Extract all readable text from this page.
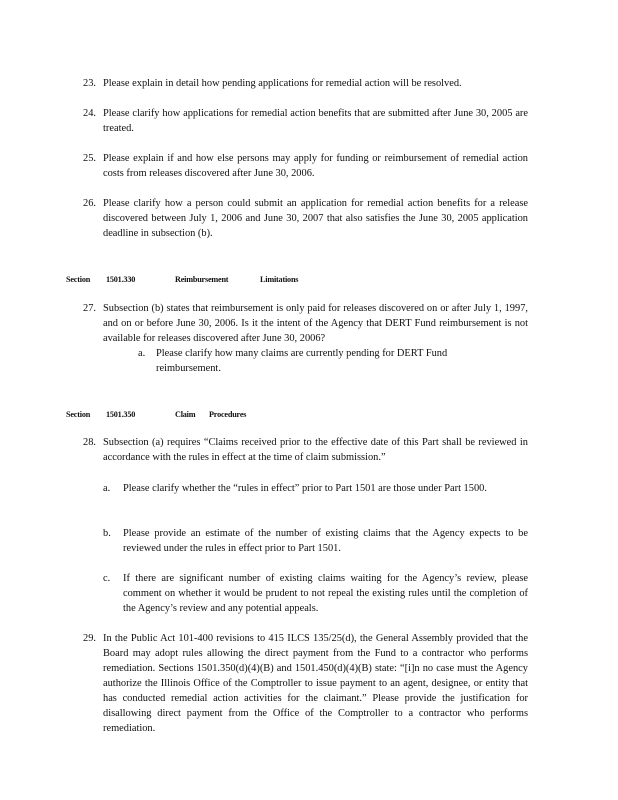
23. Please explain in detail how pending applications for remedial action will be resolved.
24. Please clarify how applications for remedial action benefits that are submitted after June 30, 2005 are treated.
25. Please explain if and how else persons may apply for funding or reimbursement of remedial action costs from releases discovered after June 30, 2006.
26. Please clarify how a person could submit an application for remedial action benefits for a release discovered between July 1, 2006 and June 30, 2007 that also satisfies the June 30, 2005 application deadline in subsection (b).
Section 1501.330	Reimbursement	Limitations
27. Subsection (b) states that reimbursement is only paid for releases discovered on or after July 1, 1997, and on or before June 30, 2006. Is it the intent of the Agency that DERT Fund reimbursement is not available for releases discovered after June 30, 2006?
a.	Please clarify how many claims are currently pending for DERT Fund reimbursement.
Section 1501.350	Claim Procedures
28. Subsection (a) requires “Claims received prior to the effective date of this Part shall be reviewed in accordance with the rules in effect at the time of claim submission.”
a.	Please clarify whether the “rules in effect” prior to Part 1501 are those under Part 1500.
b.	Please provide an estimate of the number of existing claims that the Agency expects to be reviewed under the rules in effect prior to Part 1501.
c.	If there are significant number of existing claims waiting for the Agency’s review, please comment on whether it would be prudent to not repeal the existing rules until the completion of the Agency’s review and any potential appeals.
29. In the Public Act 101-400 revisions to 415 ILCS 135/25(d), the General Assembly provided that the Board may adopt rules allowing the direct payment from the Fund to a contractor who performs remediation. Sections 1501.350(d)(4)(B) and 1501.450(d)(4)(B) state: “[i]n no case must the Agency authorize the Illinois Office of the Comptroller to issue payment to an agent, designee, or entity that has conducted remedial action activities for the claimant.” Please provide the justification for disallowing direct payment from the Office of the Comptroller to a contractor who performs remediation.
